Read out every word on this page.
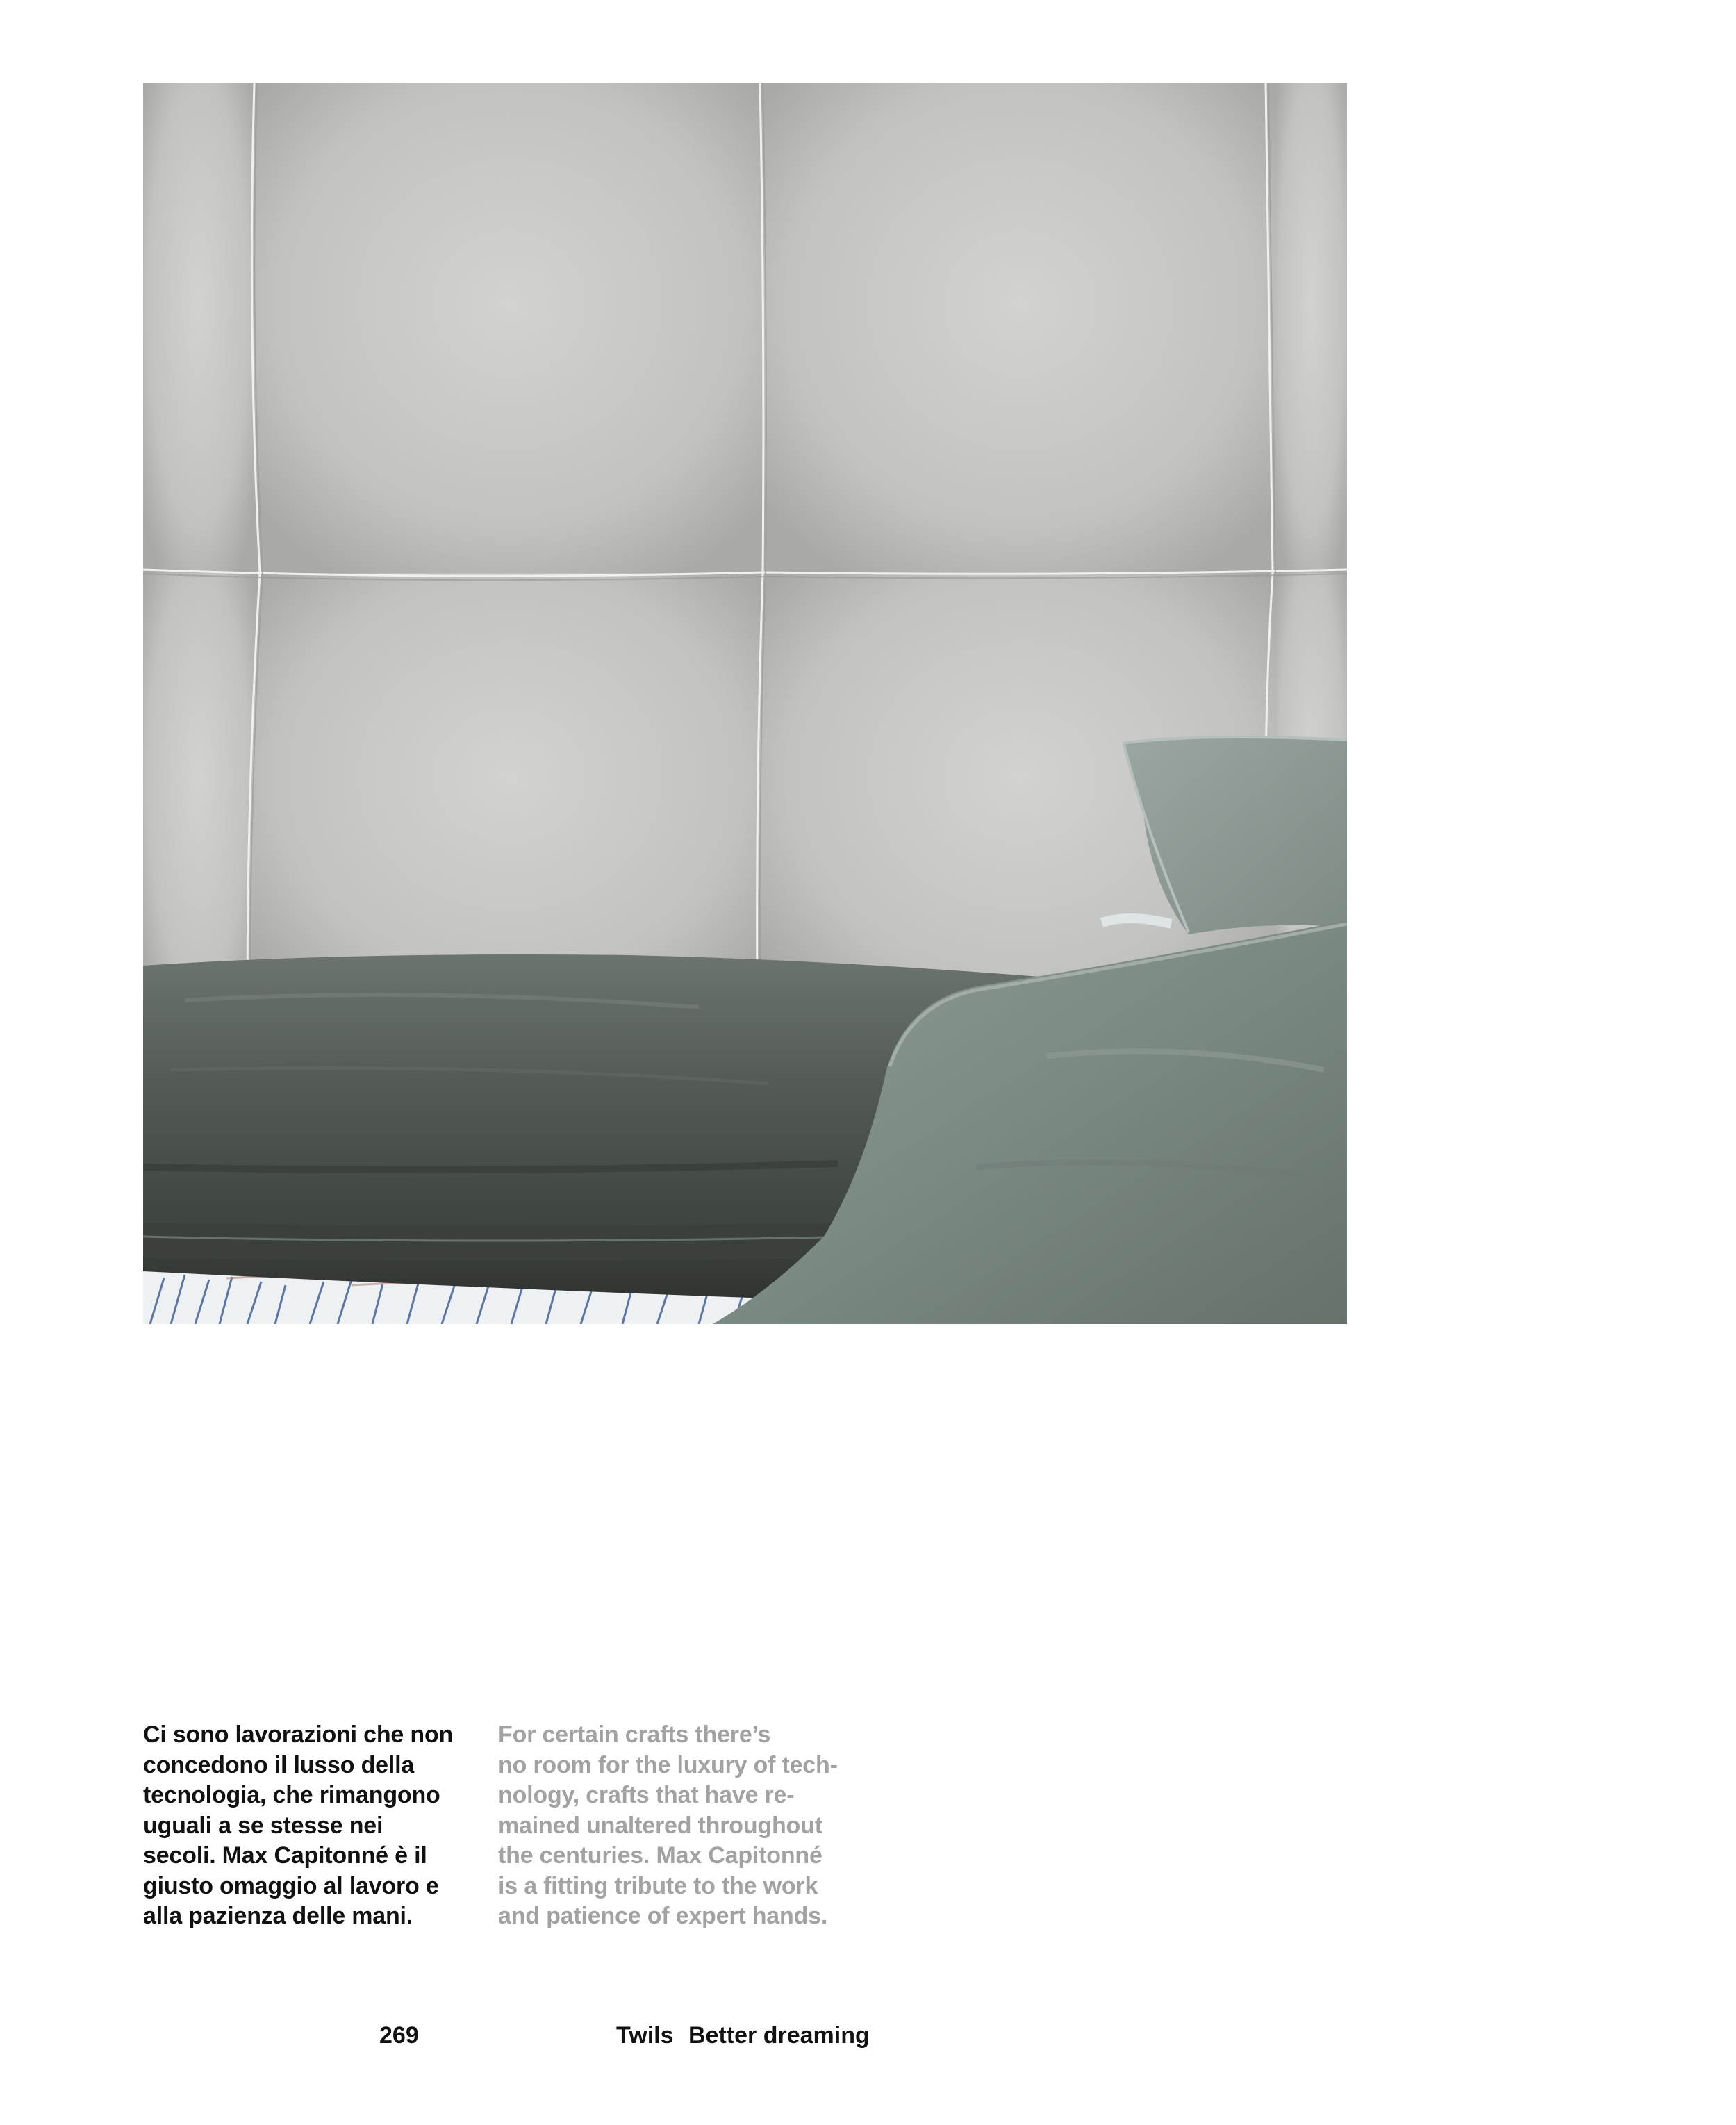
Ci sono lavorazioni che non
concedono il lusso della
tecnologia, che rimangono
uguali a se stesse nei
secoli. Max Capitonné è il
giusto omaggio al lavoro e
alla pazienza delle mani.
For certain crafts there’s
no room for the luxury of tech-
nology, crafts that have re-
mained unaltered throughout
the centuries. Max Capitonné
is a fitting tribute to the work
and patience of expert hands.
269	Twils Better dreaming
